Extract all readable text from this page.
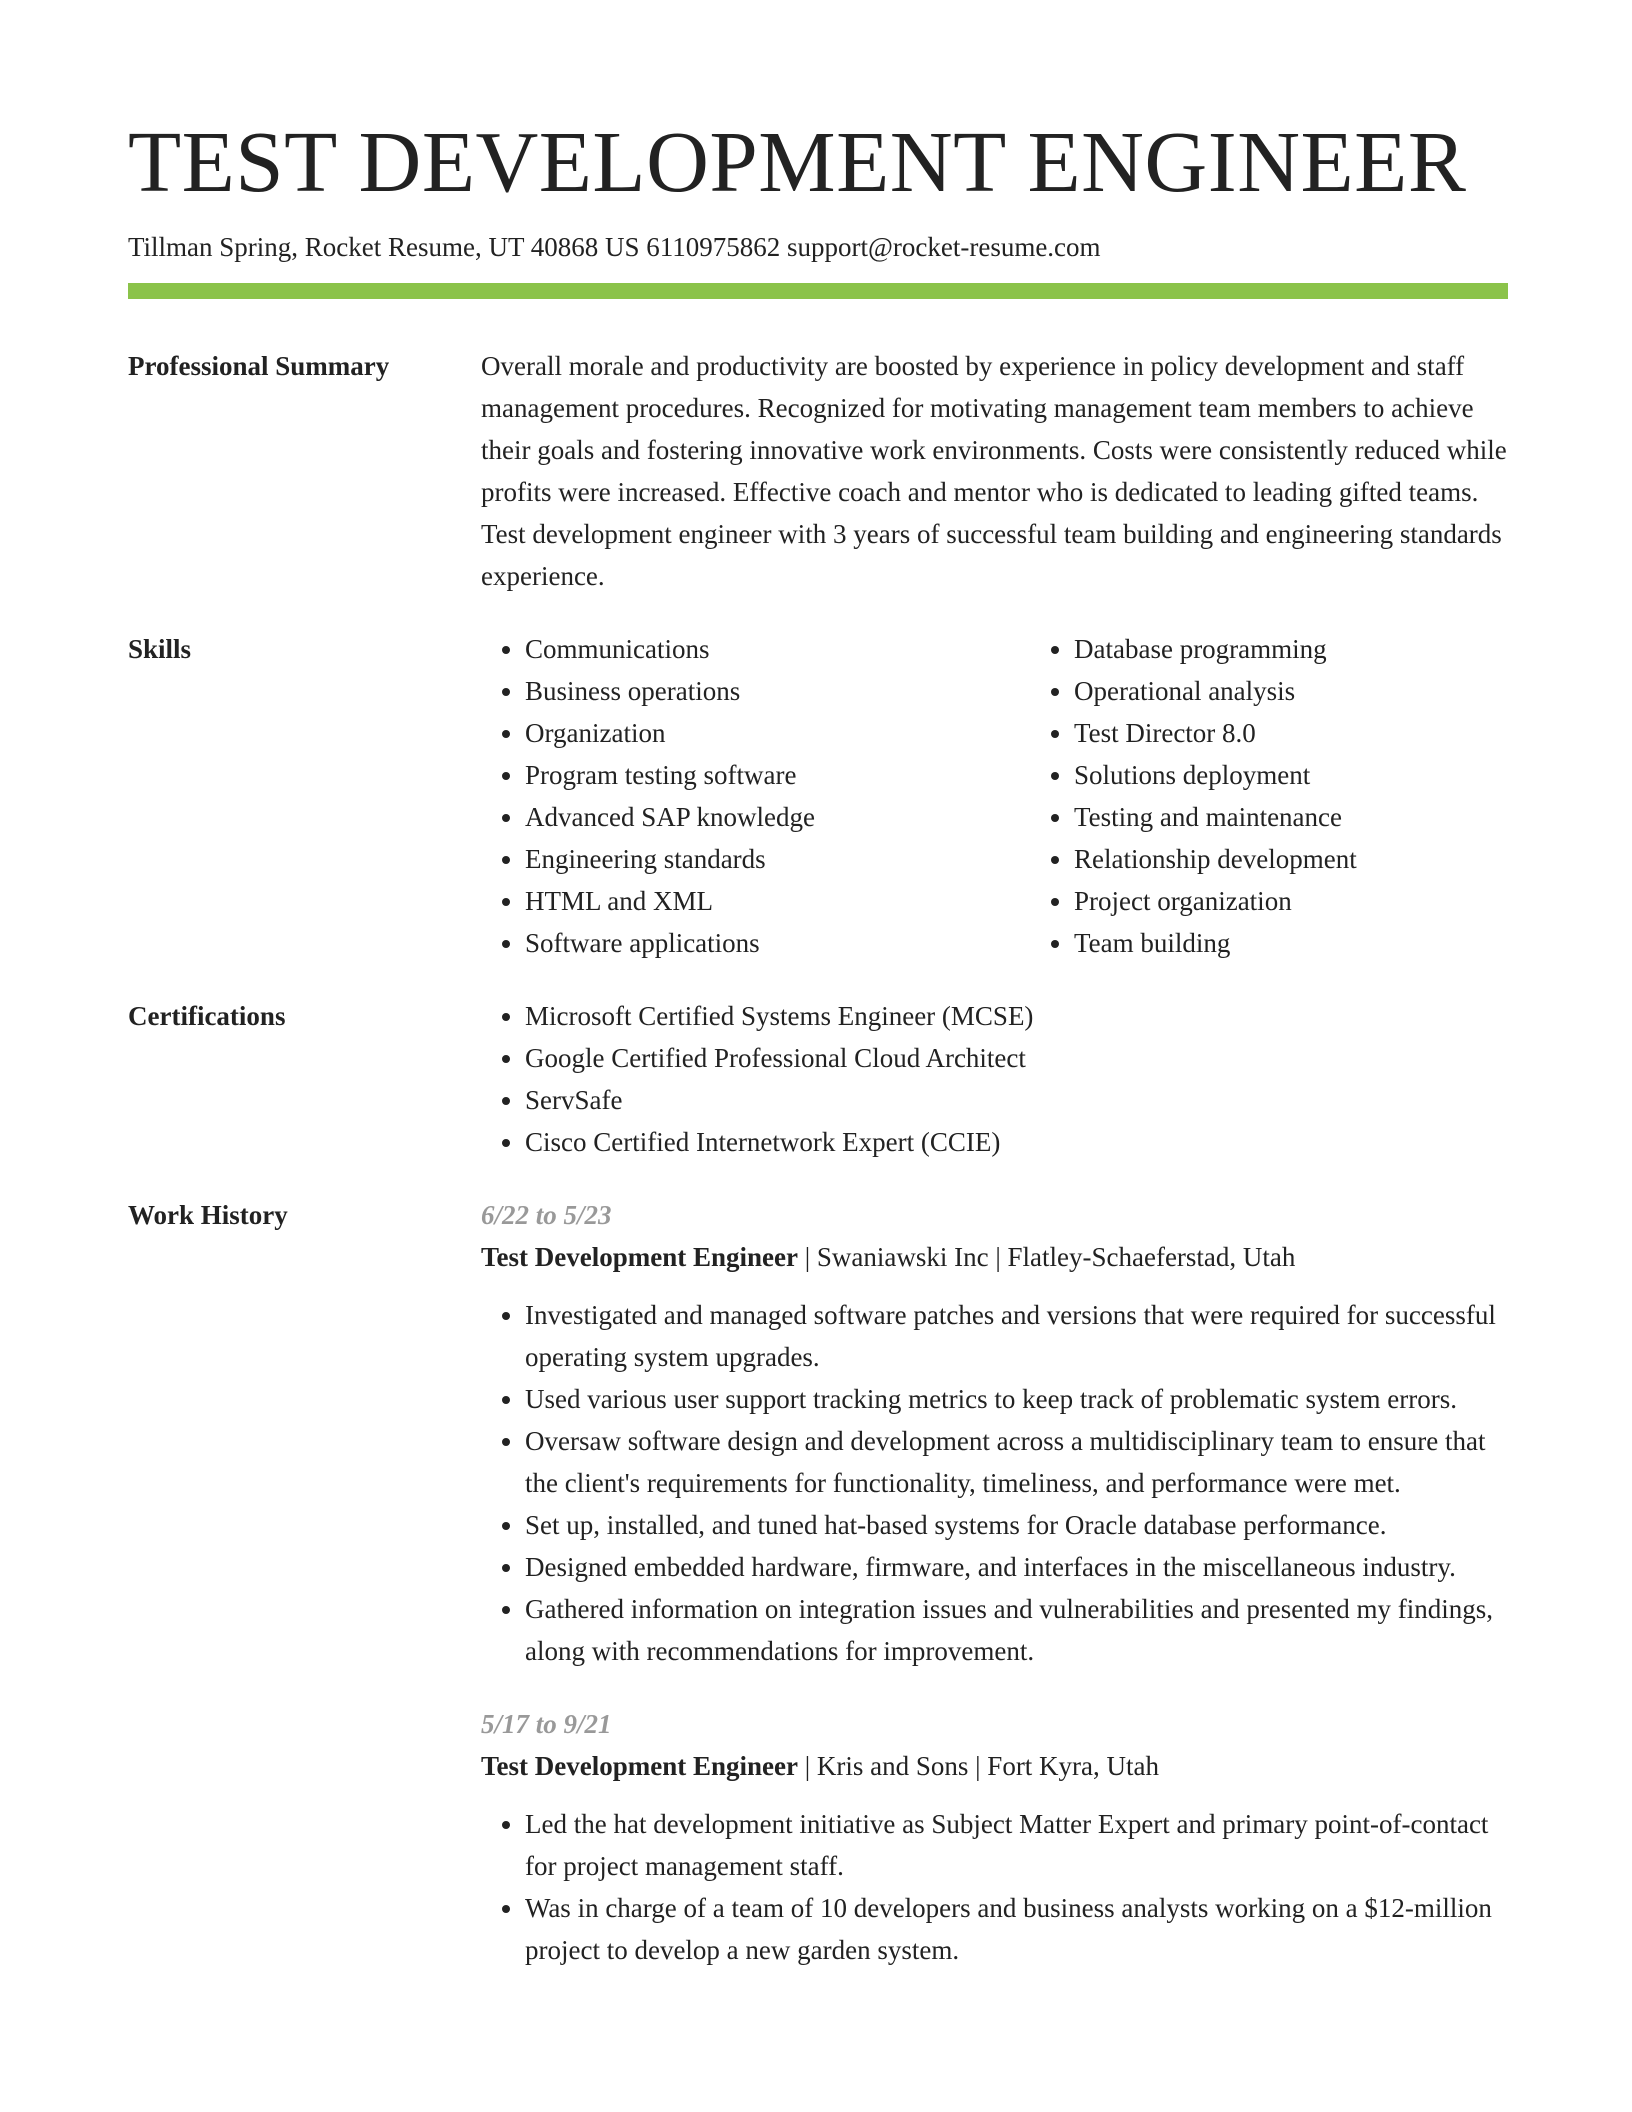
TEST DEVELOPMENT ENGINEER
Tillman Spring, Rocket Resume, UT 40868 US 6110975862 support@rocket-resume.com
Professional Summary	Overall morale and productivity are boosted by experience in policy development and staff management procedures. Recognized for motivating management team members to achieve their goals and fostering innovative work environments. Costs were consistently reduced while profits were increased. Effective coach and mentor who is dedicated to leading gifted teams. Test development engineer with 3 years of successful team building and engineering standards experience.

Skills	• Communications
• Business operations
• Organization
• Program testing software
• Advanced SAP knowledge
• Engineering standards
• HTML and XML
• Software applications
• Database programming
• Operational analysis
• Test Director 8.0
• Solutions deployment
• Testing and maintenance
• Relationship development
• Project organization
• Team building
Certifications	• Microsoft Certified Systems Engineer (MCSE)
• Google Certified Professional Cloud Architect
• ServSafe
• Cisco Certified Internetwork Expert (CCIE)
Work History	6/22 to 5/23

Test Development Engineer | Swaniawski Inc | Flatley-Schaeferstad, Utah

• Investigated and managed software patches and versions that were required for successful operating system upgrades.
• Used various user support tracking metrics to keep track of problematic system errors.
• Oversaw software design and development across a multidisciplinary team to ensure that the client's requirements for functionality, timeliness, and performance were met.
• Set up, installed, and tuned hat-based systems for Oracle database performance.
• Designed embedded hardware, firmware, and interfaces in the miscellaneous industry.
• Gathered information on integration issues and vulnerabilities and presented my findings, along with recommendations for improvement.
5/17 to 9/21

Test Development Engineer | Kris and Sons | Fort Kyra, Utah

• Led the hat development initiative as Subject Matter Expert and primary point-of-contact for project management staff.
• Was in charge of a team of 10 developers and business analysts working on a $12-million project to develop a new garden system.
